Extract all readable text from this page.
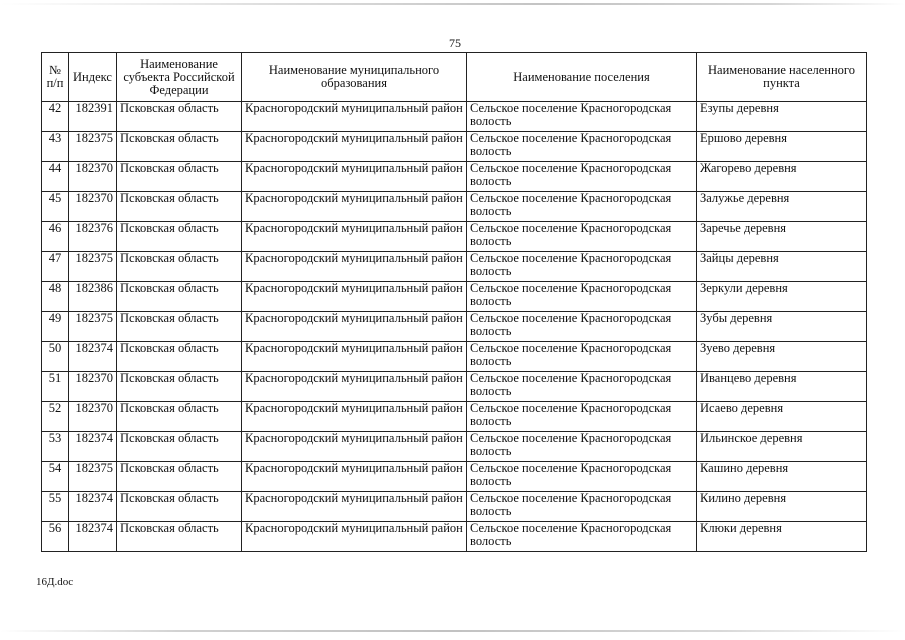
75
№ п/п	Индекс	Наименование субъекта Российской Федерации	Наименование муниципального образования	Наименование поселения	Наименование населенного пункта
42	182391	Псковская область	Красногородский муниципальный район	Сельское поселение Красногородская волость	Езупы деревня
43	182375	Псковская область	Красногородский муниципальный район	Сельское поселение Красногородская волость	Ершово деревня
44	182370	Псковская область	Красногородский муниципальный район	Сельское поселение Красногородская волость	Жагорево деревня
45	182370	Псковская область	Красногородский муниципальный район	Сельское поселение Красногородская волость	Залужье деревня
46	182376	Псковская область	Красногородский муниципальный район	Сельское поселение Красногородская волость	Заречье деревня
47	182375	Псковская область	Красногородский муниципальный район	Сельское поселение Красногородская волость	Зайцы деревня
48	182386	Псковская область	Красногородский муниципальный район	Сельское поселение Красногородская волость	Зеркули деревня
49	182375	Псковская область	Красногородский муниципальный район	Сельское поселение Красногородская волость	Зубы деревня
50	182374	Псковская область	Красногородский муниципальный район	Сельское поселение Красногородская волость	Зуево деревня
51	182370	Псковская область	Красногородский муниципальный район	Сельское поселение Красногородская волость	Иванцево деревня
52	182370	Псковская область	Красногородский муниципальный район	Сельское поселение Красногородская волость	Исаево деревня
53	182374	Псковская область	Красногородский муниципальный район	Сельское поселение Красногородская волость	Ильинское деревня
54	182375	Псковская область	Красногородский муниципальный район	Сельское поселение Красногородская волость	Кашино деревня
55	182374	Псковская область	Красногородский муниципальный район	Сельское поселение Красногородская волость	Килино деревня
56	182374	Псковская область	Красногородский муниципальный район	Сельское поселение Красногородская волость	Клюки деревня
16Д.doc
